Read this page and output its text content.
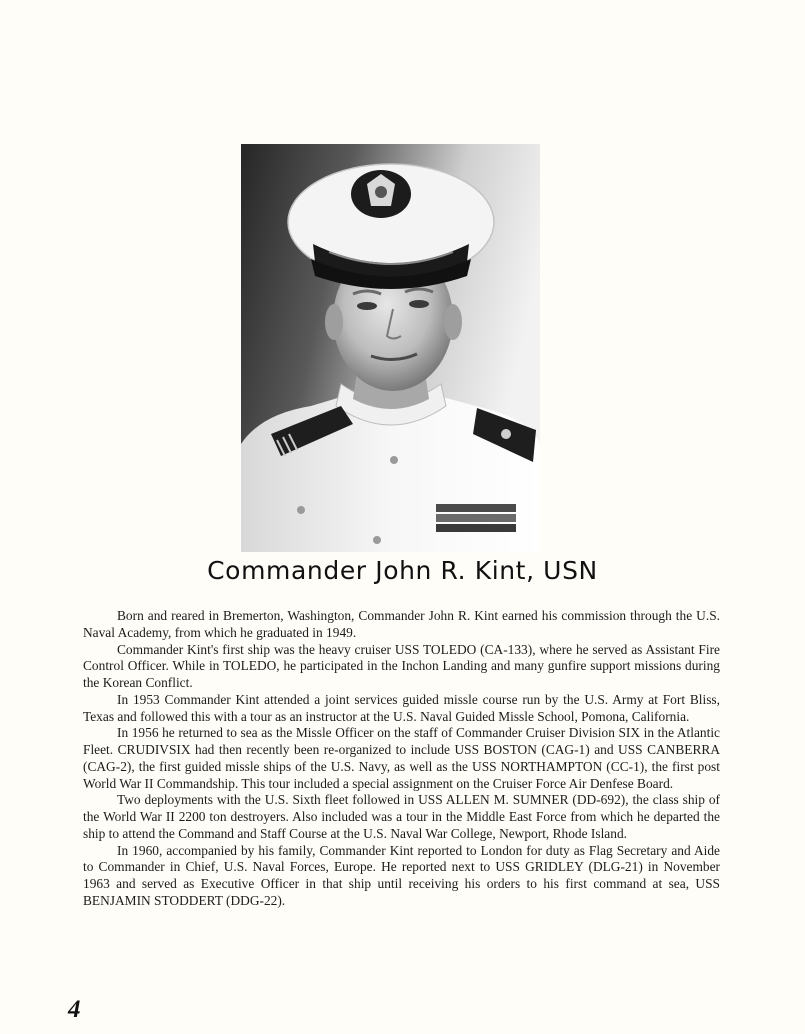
Commander John R. Kint, USN

Born and reared in Bremerton, Washington, Commander John R. Kint earned his commission through the U.S. Naval Academy, from which he graduated in 1949.

Commander Kint's first ship was the heavy cruiser USS TOLEDO (CA-133), where he served as Assistant Fire Control Officer. While in TOLEDO, he participated in the Inchon Landing and many gunfire support missions during the Korean Conflict.

In 1953 Commander Kint attended a joint services guided missle course run by the U.S. Army at Fort Bliss, Texas and followed this with a tour as an instructor at the U.S. Naval Guided Missle School, Pomona, California.

In 1956 he returned to sea as the Missle Officer on the staff of Commander Cruiser Division SIX in the Atlantic Fleet. CRUDIVSIX had then recently been re-organized to include USS BOSTON (CAG-1) and USS CANBERRA (CAG-2), the first guided missle ships of the U.S. Navy, as well as the USS NORTHAMPTON (CC-1), the first post World War II Commandship. This tour included a special assignment on the Cruiser Force Air Denfese Board.

Two deployments with the U.S. Sixth fleet followed in USS ALLEN M. SUMNER (DD-692), the class ship of the World War II 2200 ton destroyers. Also included was a tour in the Middle East Force from which he departed the ship to attend the Command and Staff Course at the U.S. Naval War College, Newport, Rhode Island.

In 1960, accompanied by his family, Commander Kint reported to London for duty as Flag Secretary and Aide to Commander in Chief, U.S. Naval Forces, Europe. He reported next to USS GRIDLEY (DLG-21) in November 1963 and served as Executive Officer in that ship until receiving his orders to his first command at sea, USS BENJAMIN STODDERT (DDG-22).

4
